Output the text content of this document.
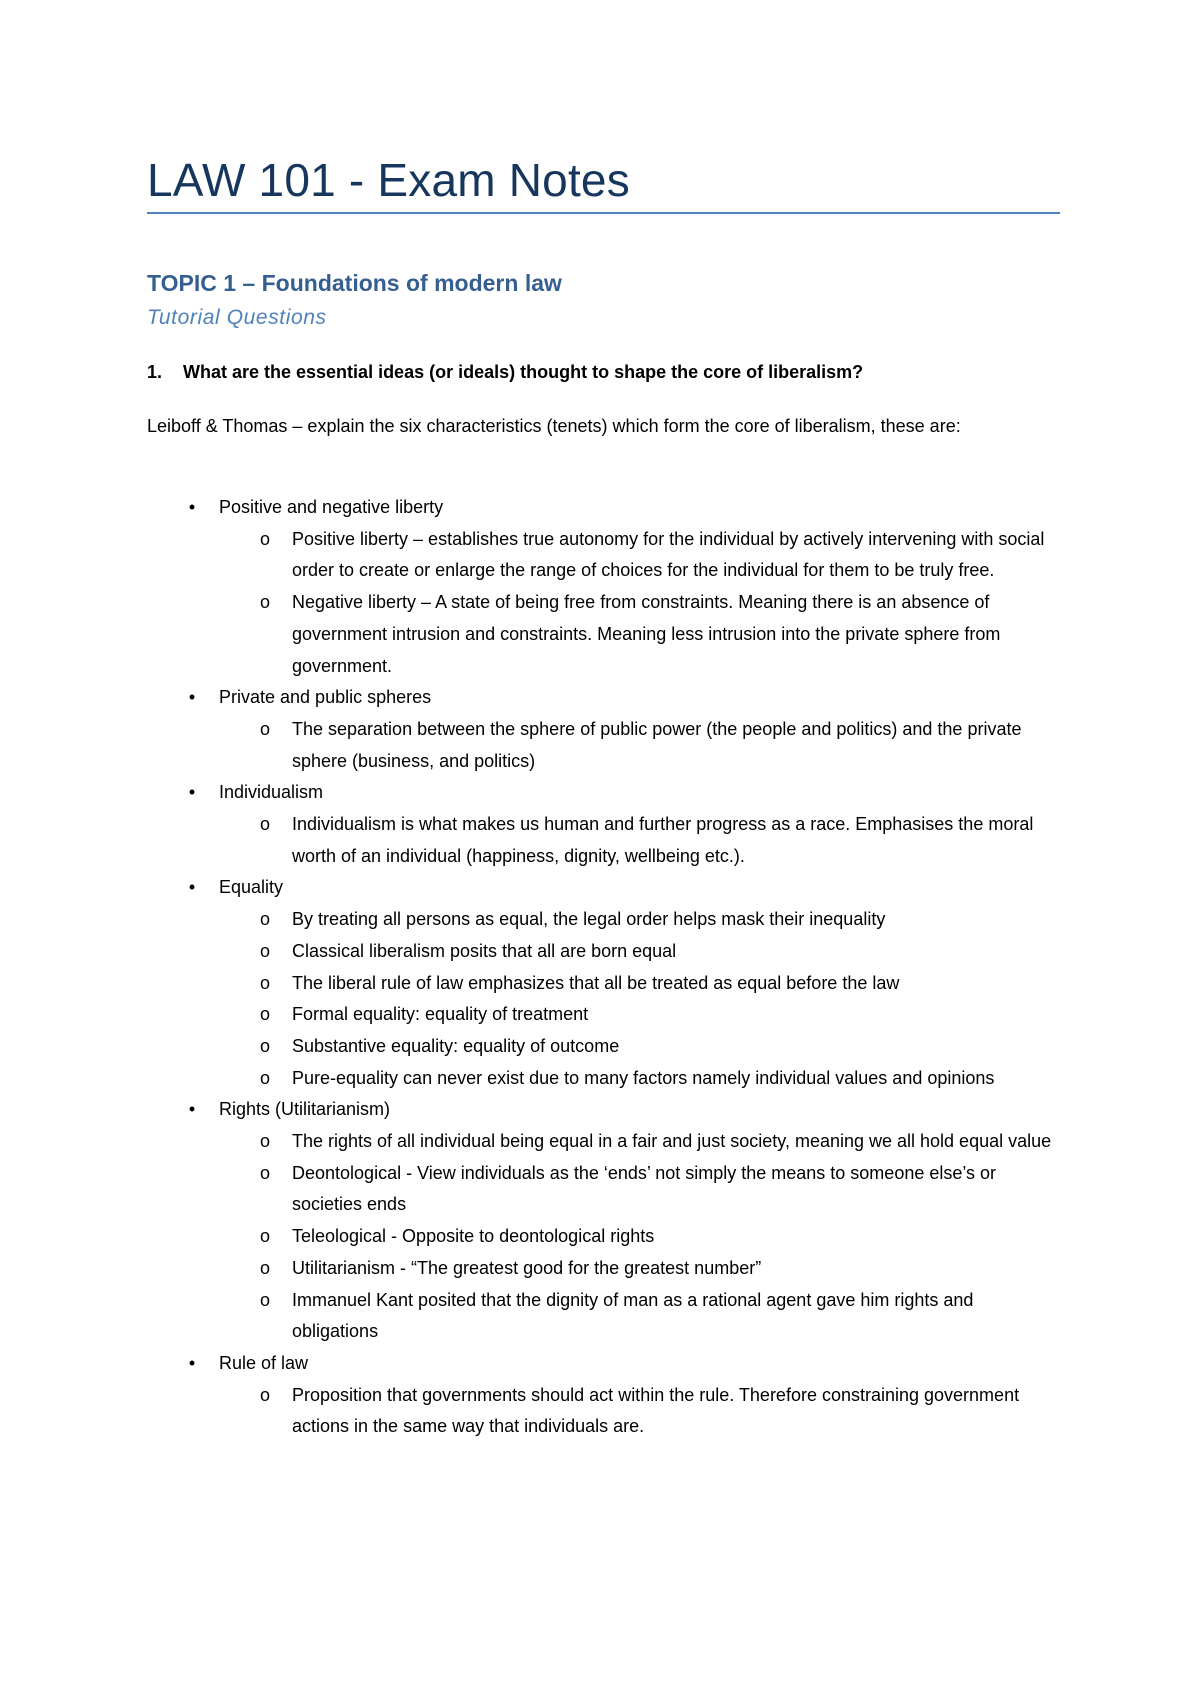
LAW 101 - Exam Notes
TOPIC 1 – Foundations of modern law
Tutorial Questions
1. What are the essential ideas (or ideals) thought to shape the core of liberalism?
Leiboff & Thomas – explain the six characteristics (tenets) which form the core of liberalism, these are:
•	Positive and negative liberty
o Positive liberty – establishes true autonomy for the individual by actively intervening with social order to create or enlarge the range of choices for the individual for them to be truly free.
o Negative liberty – A state of being free from constraints. Meaning there is an absence of government intrusion and constraints. Meaning less intrusion into the private sphere from government.
•	Private and public spheres
o The separation between the sphere of public power (the people and politics) and the private sphere (business, and politics)
•	Individualism
o Individualism is what makes us human and further progress as a race. Emphasises the moral worth of an individual (happiness, dignity, wellbeing etc.).
•	Equality
o By treating all persons as equal, the legal order helps mask their inequality
o Classical liberalism posits that all are born equal
o The liberal rule of law emphasizes that all be treated as equal before the law
o Formal equality: equality of treatment
o Substantive equality: equality of outcome
o Pure-equality can never exist due to many factors namely individual values and opinions
•	Rights (Utilitarianism)
o The rights of all individual being equal in a fair and just society, meaning we all hold equal value
o Deontological - View individuals as the ‘ends’ not simply the means to someone else’s or societies ends
o Teleological - Opposite to deontological rights
o Utilitarianism - “The greatest good for the greatest number”
o Immanuel Kant posited that the dignity of man as a rational agent gave him rights and obligations
•	Rule of law
o Proposition that governments should act within the rule. Therefore constraining government actions in the same way that individuals are.
